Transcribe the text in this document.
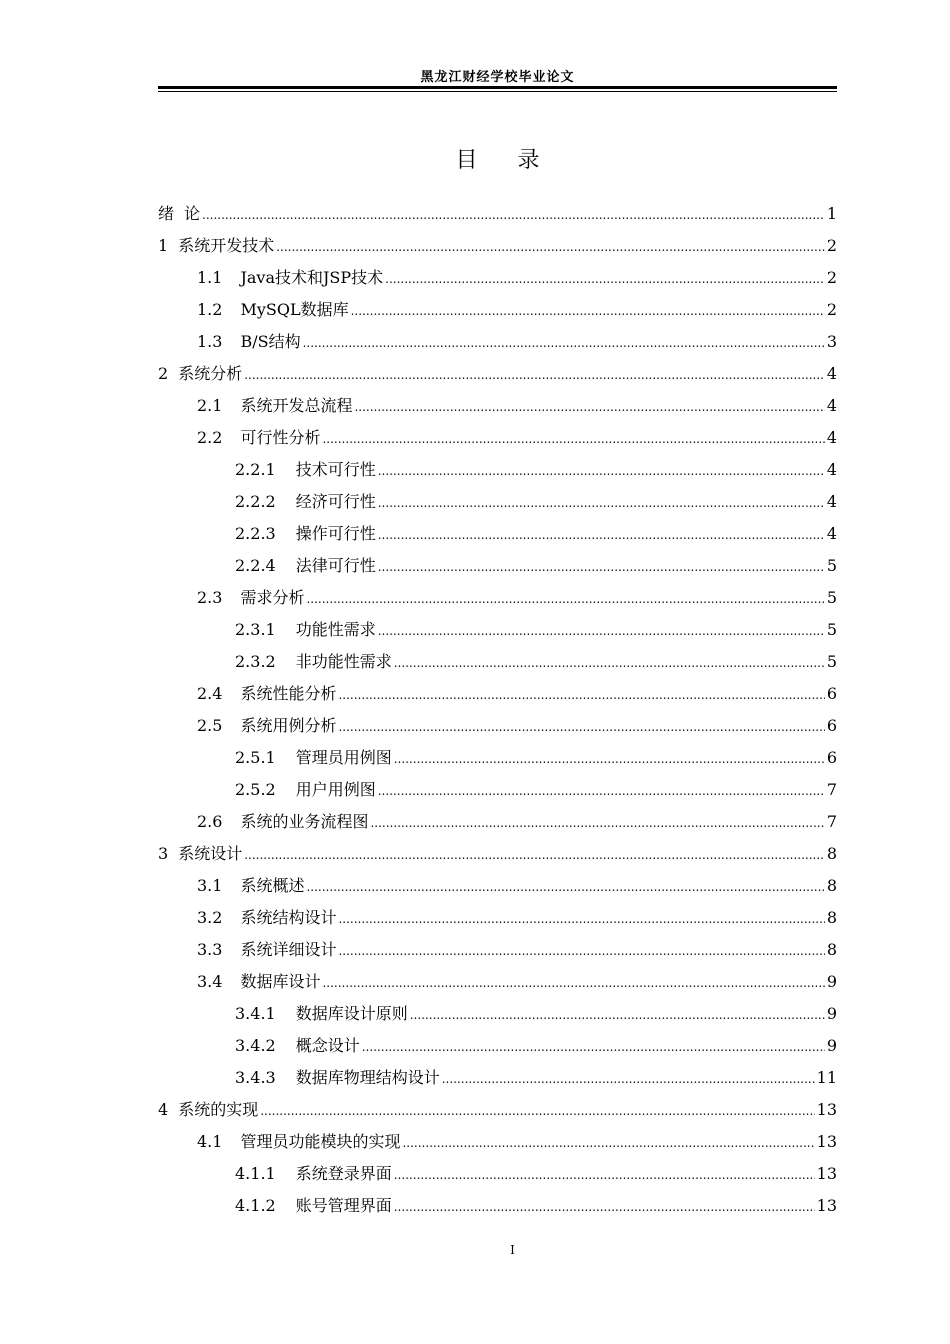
黑龙江财经学校毕业论文
目录
绪 论 .....	1
1 系统开发技术 .....	2
1.1 Java技术和JSP技术 .....	2
1.2 MySQL数据库 .....	2
1.3 B/S结构 .....	3
2 系统分析 .....	4
2.1 系统开发总流程 .....	4
2.2 可行性分析 .....	4
2.2.1 技术可行性 .....	4
2.2.2 经济可行性 .....	4
2.2.3 操作可行性 .....	4
2.2.4 法律可行性 .....	5
2.3 需求分析 .....	5
2.3.1 功能性需求 .....	5
2.3.2 非功能性需求 .....	5
2.4 系统性能分析 .....	6
2.5 系统用例分析 .....	6
2.5.1 管理员用例图 .....	6
2.5.2 用户用例图 .....	7
2.6 系统的业务流程图 .....	7
3 系统设计 .....	8
3.1 系统概述 .....	8
3.2 系统结构设计 .....	8
3.3 系统详细设计 .....	8
3.4 数据库设计 .....	9
3.4.1 数据库设计原则 .....	9
3.4.2 概念设计 .....	9
3.4.3 数据库物理结构设计 .....	11
4 系统的实现 .....	13
4.1 管理员功能模块的实现 .....	13
4.1.1 系统登录界面 .....	13
4.1.2 账号管理界面 .....	13
I
